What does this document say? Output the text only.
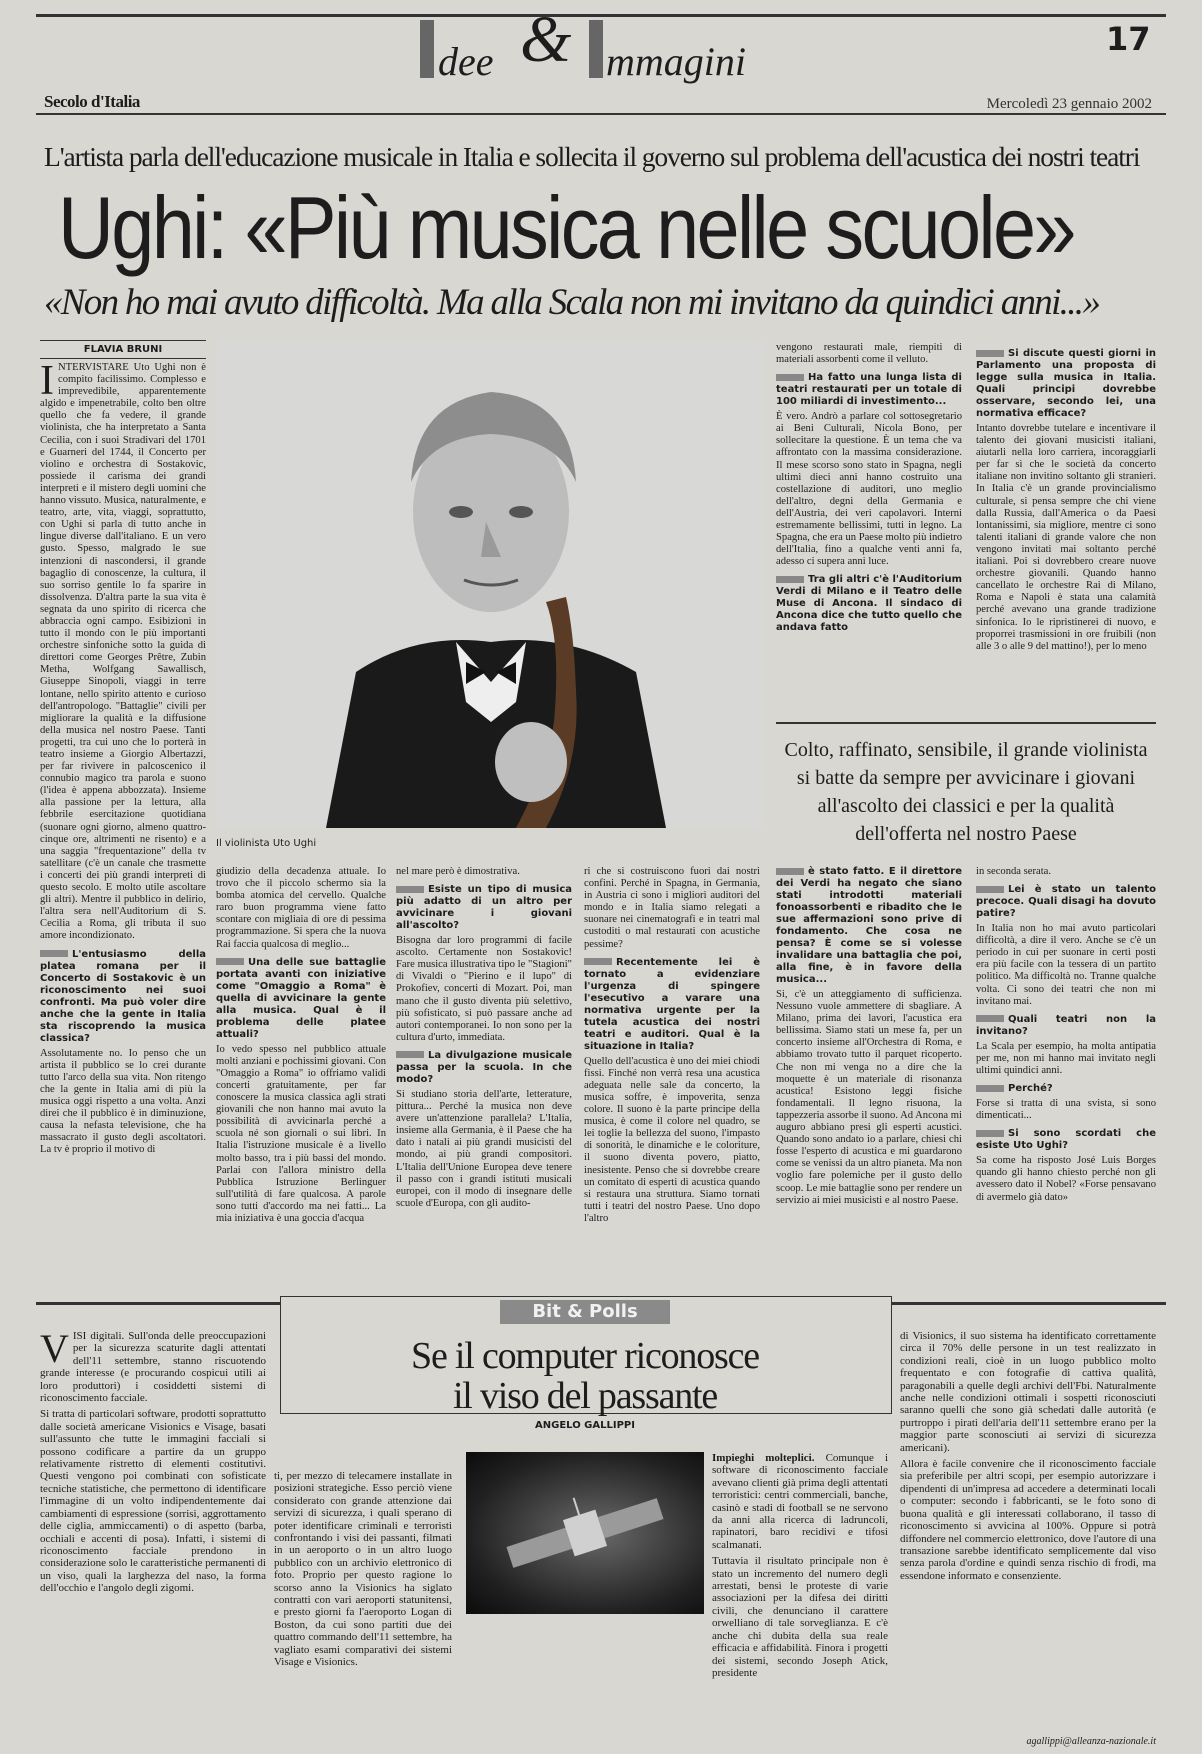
dee & mmagini	17
Secolo d'Italia	Mercoledì 23 gennaio 2002
L'artista parla dell'educazione musicale in Italia e sollecita il governo sul problema dell'acustica dei nostri teatri
Ughi: «Più musica nelle scuole»
«Non ho mai avuto difficoltà. Ma alla Scala non mi invitano da quindici anni...»
FLAVIA BRUNI

INTERVISTARE Uto Ughi non è compito facilissimo. Complesso e imprevedibile, apparentemente algido e impenetrabile, colto ben oltre quello che fa vedere, il grande violinista, che ha interpretato a Santa Cecilia, con i suoi Stradivari del 1701 e Guarneri del 1744, il Concerto per violino e orchestra di Sostakovic, possiede il carisma dei grandi interpreti e il mistero degli uomini che hanno vissuto. Musica, naturalmente, e teatro, arte, vita, viaggi, soprattutto, con Ughi si parla di tutto anche in lingue diverse dall'italiano. E un vero gusto. Spesso, malgrado le sue intenzioni di nascondersi, il grande bagaglio di conoscenze, la cultura, il suo sorriso gentile lo fa sparire in dissolvenza. D'altra parte la sua vita è segnata da uno spirito di ricerca che abbraccia ogni campo. Esibizioni in tutto il mondo con le più importanti orchestre sinfoniche sotto la guida di direttori come Georges Prêtre, Zubin Metha, Wolfgang Sawallisch, Giuseppe Sinopoli, viaggi in terre lontane, nello spirito attento e curioso dell'antropologo. "Battaglie" civili per migliorare la qualità e la diffusione della musica nel nostro Paese. Tanti progetti, tra cui uno che lo porterà in teatro insieme a Giorgio Albertazzi, per far rivivere in palcoscenico il connubio magico tra parola e suono (l'idea è appena abbozzata). Insieme alla passione per la lettura, alla febbrile esercitazione quotidiana (suonare ogni giorno, almeno quattro-cinque ore, altrimenti ne risento) e a una saggia "frequentazione" della tv satellitare (c'è un canale che trasmette i concerti dei più grandi interpreti di questo secolo. E molto utile ascoltare gli altri). Mentre il pubblico in delirio, l'altra sera nell'Auditorium di S. Cecilia a Roma, gli tributa il suo amore incondizionato.

L'entusiasmo della platea romana per il Concerto di Sostakovic è un riconoscimento nei suoi confronti. Ma può voler dire anche che la gente in Italia sta riscoprendo la musica classica?

Assolutamente no. Io penso che un artista il pubblico se lo crei durante tutto l'arco della sua vita. Non ritengo che la gente in Italia ami di più la musica oggi rispetto a una volta. Anzi direi che il pubblico è in diminuzione, causa la nefasta televisione, che ha massacrato il gusto degli ascoltatori. La tv è proprio il motivo di

Il violinista Uto Ughi

vengono restaurati male, riempiti di materiali assorbenti come il velluto.

Ha fatto una lunga lista di teatri restaurati per un totale di 100 miliardi di investimento...

È vero. Andrò a parlare col sottosegretario ai Beni Culturali, Nicola Bono, per sollecitare la questione. È un tema che va affrontato con la massima considerazione. Il mese scorso sono stato in Spagna, negli ultimi dieci anni hanno costruito una costellazione di auditori, uno meglio dell'altro, degni della Germania e dell'Austria, dei veri capolavori. Interni estremamente bellissimi, tutti in legno. La Spagna, che era un Paese molto più indietro dell'Italia, fino a qualche venti anni fa, adesso ci supera anni luce.

Tra gli altri c'è l'Auditorium Verdi di Milano e il Teatro delle Muse di Ancona. Il sindaco di Ancona dice che tutto quello che andava fatto

Si discute questi giorni in Parlamento una proposta di legge sulla musica in Italia. Quali principi dovrebbe osservare, secondo lei, una normativa efficace?

Intanto dovrebbe tutelare e incentivare il talento dei giovani musicisti italiani, aiutarli nella loro carriera, incoraggiarli per far sì che le società da concerto italiane non invitino soltanto gli stranieri. In Italia c'è un grande provincialismo culturale, si pensa sempre che chi viene dalla Russia, dall'America o da Paesi lontanissimi, sia migliore, mentre ci sono talenti italiani di grande valore che non vengono invitati mai soltanto perché italiani. Poi si dovrebbero creare nuove orchestre giovanili. Quando hanno cancellato le orchestre Rai di Milano, Roma e Napoli è stata una calamità perché avevano una grande tradizione sinfonica. Io le ripristinerei di nuovo, e proporrei trasmissioni in ore fruibili (non alle 3 o alle 9 del mattino!), per lo meno

Colto, raffinato, sensibile, il grande violinista si batte da sempre per avvicinare i giovani all'ascolto dei classici e per la qualità dell'offerta nel nostro Paese

giudizio della decadenza attuale. Io trovo che il piccolo schermo sia la bomba atomica del cervello. Qualche raro buon programma viene fatto scontare con migliaia di ore di pessima programmazione. Si spera che la nuova Rai faccia qualcosa di meglio...

Una delle sue battaglie portata avanti con iniziative come "Omaggio a Roma" è quella di avvicinare la gente alla musica. Qual è il problema delle platee attuali?

Io vedo spesso nel pubblico attuale molti anziani e pochissimi giovani. Con "Omaggio a Roma" io offriamo validi concerti gratuitamente, per far conoscere la musica classica agli strati giovanili che non hanno mai avuto la possibilità di avvicinarla perché a scuola né son giornali o sui libri. In Italia l'istruzione musicale è a livello molto basso, tra i più bassi del mondo. Parlai con l'allora ministro della Pubblica Istruzione Berlinguer sull'utilità di fare qualcosa. A parole sono tutti d'accordo ma nei fatti... La mia iniziativa è una goccia d'acqua

nel mare però è dimostrativa.

Esiste un tipo di musica più adatto di un altro per avvicinare i giovani all'ascolto?

Bisogna dar loro programmi di facile ascolto. Certamente non Sostakovic! Fare musica illustrativa tipo le "Stagioni" di Vivaldi o "Pierino e il lupo" di Prokofiev, concerti di Mozart. Poi, man mano che il gusto diventa più selettivo, più sofisticato, si può passare anche ad autori contemporanei. Io non sono per la cultura d'urto, immediata.

La divulgazione musicale passa per la scuola. In che modo?

Si studiano storia dell'arte, letterature, pittura... Perché la musica non deve avere un'attenzione parallela? L'Italia, insieme alla Germania, è il Paese che ha dato i natali ai più grandi musicisti del mondo, ai più grandi compositori. L'Italia dell'Unione Europea deve tenere il passo con i grandi istituti musicali europei, con il modo di insegnare delle scuole d'Europa, con gli audito-

ri che si costruiscono fuori dai nostri confini. Perché in Spagna, in Germania, in Austria ci sono i migliori auditori del mondo e in Italia siamo relegati a suonare nei cinematografi e in teatri mal custoditi o mal restaurati con acustiche pessime?

Recentemente lei è tornato a evidenziare l'urgenza di spingere l'esecutivo a varare una normativa urgente per la tutela acustica dei nostri teatri e auditori. Qual è la situazione in Italia?

Quello dell'acustica è uno dei miei chiodi fissi. Finché non verrà resa una acustica adeguata nelle sale da concerto, la musica soffre, è impoverita, senza colore. Il suono è la parte principe della musica, è come il colore nel quadro, se lei toglie la bellezza del suono, l'impasto di sonorità, le dinamiche e le coloriture, il suono diventa povero, piatto, inesistente. Penso che si dovrebbe creare un comitato di esperti di acustica quando si restaura una struttura. Siamo tornati tutti i teatri del nostro Paese. Uno dopo l'altro

è stato fatto. E il direttore dei Verdi ha negato che siano stati introdotti materiali fonoassorbenti e ribadito che le sue affermazioni sono prive di fondamento. Che cosa ne pensa? È come se si volesse invalidare una battaglia che poi, alla fine, è in favore della musica...

Si, c'è un atteggiamento di sufficienza. Nessuno vuole ammettere di sbagliare. A Milano, prima dei lavori, l'acustica era bellissima. Siamo stati un mese fa, per un concerto insieme all'Orchestra di Roma, e abbiamo trovato tutto il parquet ricoperto. Che non mi venga no a dire che la moquette è un materiale di risonanza acustica! Esistono leggi fisiche fondamentali. Il legno risuona, la tappezzeria assorbe il suono. Ad Ancona mi auguro abbiano presi gli esperti acustici. Quando sono andato io a parlare, chiesi chi fosse l'esperto di acustica e mi guardarono come se venissi da un altro pianeta. Ma non voglio fare polemiche per il gusto dello scoop. Le mie battaglie sono per rendere un servizio ai miei musicisti e al nostro Paese.

in seconda serata.

Lei è stato un talento precoce. Quali disagi ha dovuto patire?

In Italia non ho mai avuto particolari difficoltà, a dire il vero. Anche se c'è un periodo in cui per suonare in certi posti era più facile con la tessera di un partito politico. Ma difficoltà no. Tranne qualche volta. Ci sono dei teatri che non mi invitano mai.

Quali teatri non la invitano?

La Scala per esempio, ha molta antipatia per me, non mi hanno mai invitato negli ultimi quindici anni.

Perché?

Forse si tratta di una svista, si sono dimenticati...

Si sono scordati che esiste Uto Ughi?

Sa come ha risposto José Luis Borges quando gli hanno chiesto perché non gli avessero dato il Nobel? «Forse pensavano di avermelo già dato»

Bit & Polls
Se il computer riconosce
il viso del passante
ANGELO GALLIPPI

VISI digitali. Sull'onda delle preoccupazioni per la sicurezza scaturite dagli attentati dell'11 settembre, stanno riscuotendo grande interesse (e procurando cospicui utili ai loro produttori) i cosiddetti sistemi di riconoscimento facciale.

Si tratta di particolari software, prodotti soprattutto dalle società americane Visionics e Visage, basati sull'assunto che tutte le immagini facciali si possono codificare a partire da un gruppo relativamente ristretto di elementi costitutivi. Questi vengono poi combinati con sofisticate tecniche statistiche, che permettono di identificare l'immagine di un volto indipendentemente dai cambiamenti di espressione (sorrisi, aggrottamento delle ciglia, ammiccamenti) o di aspetto (barba, occhiali e accenti di posa). Infatti, i sistemi di riconoscimento facciale prendono in considerazione solo le caratteristiche permanenti di un viso, quali la larghezza del naso, la forma dell'occhio e l'angolo degli zigomi.

ti, per mezzo di telecamere installate in posizioni strategiche. Esso perciò viene considerato con grande attenzione dai servizi di sicurezza, i quali sperano di poter identificare criminali e terroristi confrontando i visi dei passanti, filmati in un aeroporto o in un altro luogo pubblico con un archivio elettronico di foto. Proprio per questo ragione lo scorso anno la Visionics ha siglato contratti con vari aeroporti statunitensi, e presto giorni fa l'aeroporto Logan di Boston, da cui sono partiti due dei quattro commando dell'11 settembre, ha vagliato esami comparativi dei sistemi Visage e Visionics.

Impieghi molteplici. Comunque i software di riconoscimento facciale avevano clienti già prima degli attentati terroristici: centri commerciali, banche, casinò e stadi di football se ne servono da anni alla ricerca di ladruncoli, rapinatori, baro recidivi e tifosi scalmanati.

Tuttavia il risultato principale non è stato un incremento del numero degli arrestati, bensì le proteste di varie associazioni per la difesa dei diritti civili, che denunciano il carattere orwelliano di tale sorveglianza. E c'è anche chi dubita della sua reale efficacia e affidabilità. Finora i progetti dei sistemi, secondo Joseph Atick, presidente

di Visionics, il suo sistema ha identificato correttamente circa il 70% delle persone in un test realizzato in condizioni reali, cioè in un luogo pubblico molto frequentato e con fotografie di cattiva qualità, paragonabili a quelle degli archivi dell'Fbi. Naturalmente anche nelle condizioni ottimali i sospetti riconosciuti saranno quelli che sono già schedati dalle autorità (e purtroppo i pirati dell'aria dell'11 settembre erano per la maggior parte sconosciuti ai servizi di sicurezza americani).

Allora è facile convenire che il riconoscimento facciale sia preferibile per altri scopi, per esempio autorizzare i dipendenti di un'impresa ad accedere a determinati locali o computer: secondo i fabbricanti, se le foto sono di buona qualità e gli interessati collaborano, il tasso di riconoscimento si avvicina al 100%. Oppure si potrà diffondere nel commercio elettronico, dove l'autore di una transazione sarebbe identificato semplicemente dal viso senza parola d'ordine e quindi senza rischio di frodi, ma essendone informato e consenziente.

agallippi@alleanza-nazionale.it
